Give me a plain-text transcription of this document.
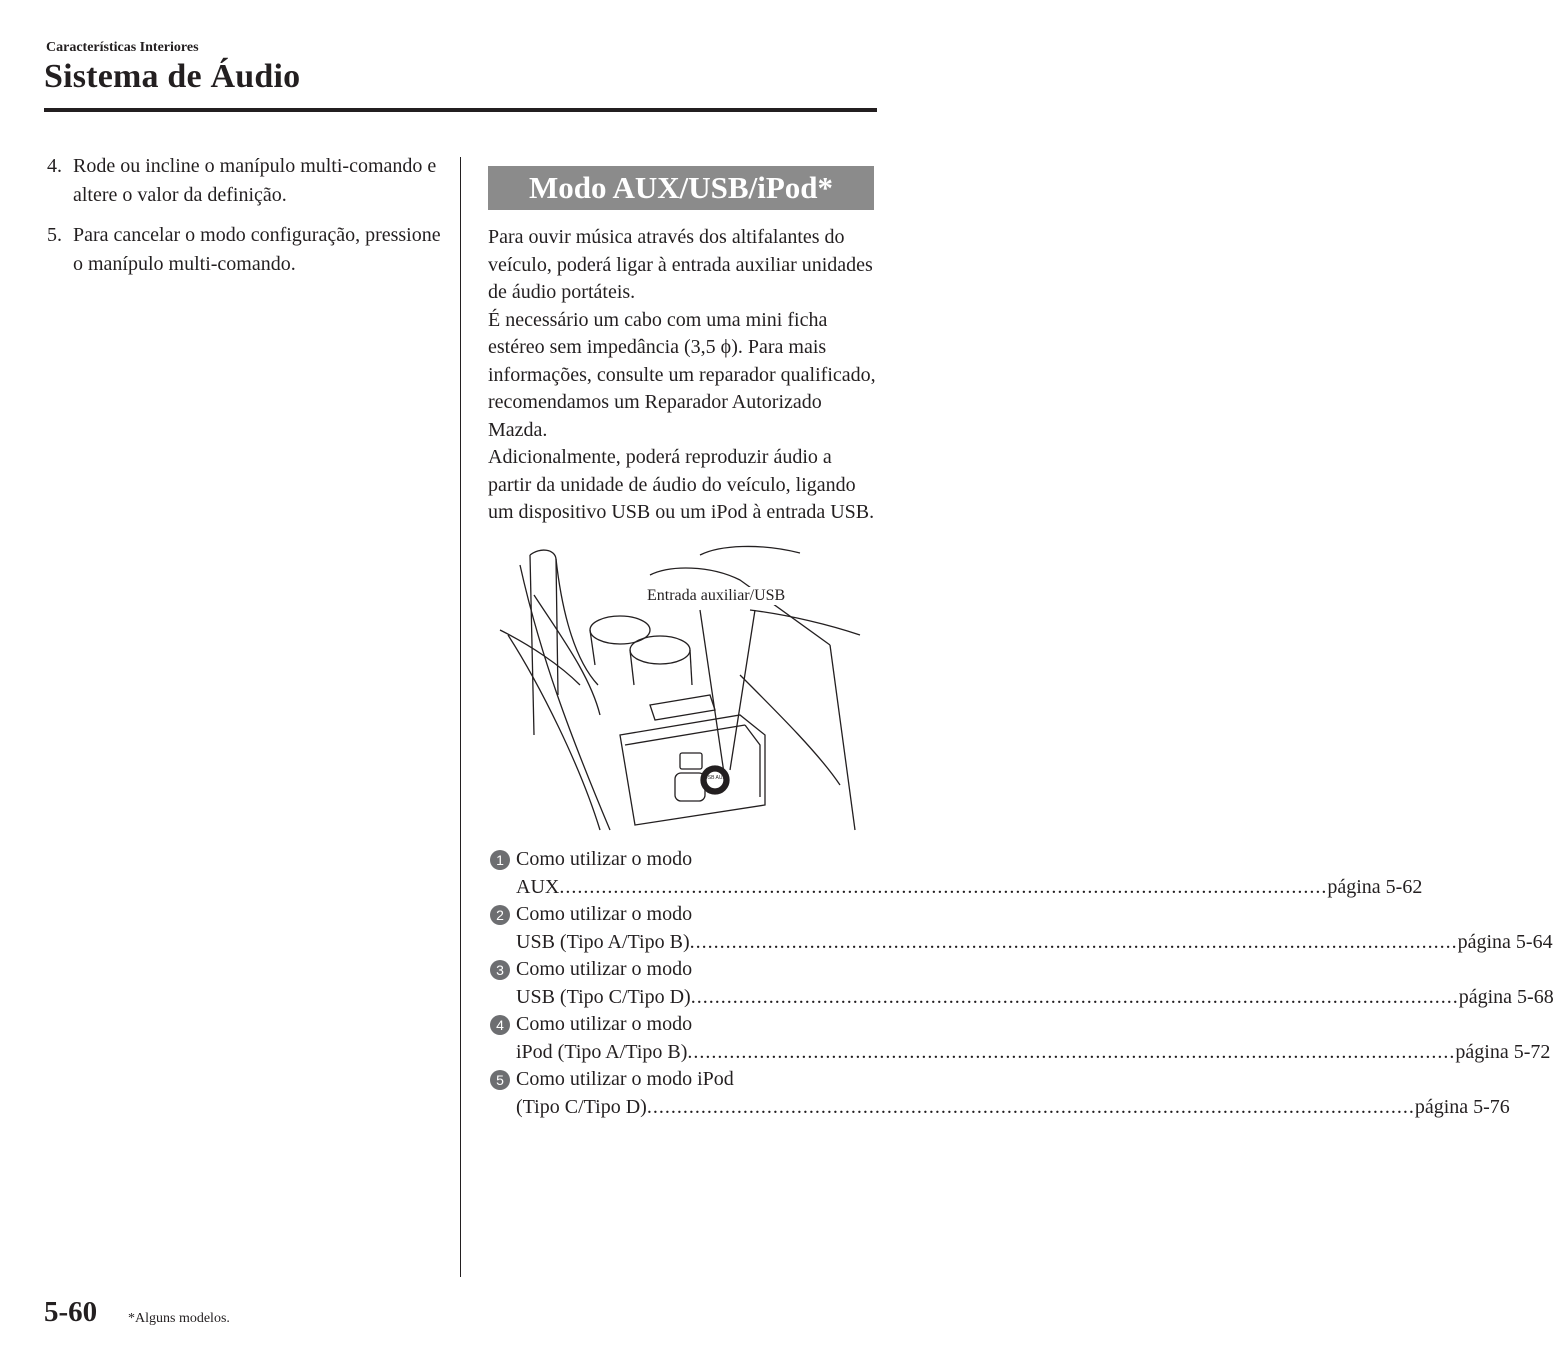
Características Interiores
Sistema de Áudio
4. Rode ou incline o manípulo multi-comando e altere o valor da definição.
5. Para cancelar o modo configuração, pressione o manípulo multi-comando.
Modo AUX/USB/iPod*

Para ouvir música através dos altifalantes do veículo, poderá ligar à entrada auxiliar unidades de áudio portáteis.

É necessário um cabo com uma mini ficha estéreo sem impedância (3,5 ϕ). Para mais informações, consulte um reparador qualificado, recomendamos um Reparador Autorizado Mazda.

Adicionalmente, poderá reproduzir áudio a partir da unidade de áudio do veículo, ligando um dispositivo USB ou um iPod à entrada USB.

USB AUX
Entrada auxiliar/USB
1 Como utilizar o modo
AUX .....	página 5-62
2 Como utilizar o modo
USB (Tipo A/Tipo B) .....	página 5-64
3 Como utilizar o modo
USB (Tipo C/Tipo D) .....	página 5-68
4 Como utilizar o modo
iPod (Tipo A/Tipo B) .....	página 5-72
5 Como utilizar o modo iPod
(Tipo C/Tipo D) .....	página 5-76
5-60 *Alguns modelos.
